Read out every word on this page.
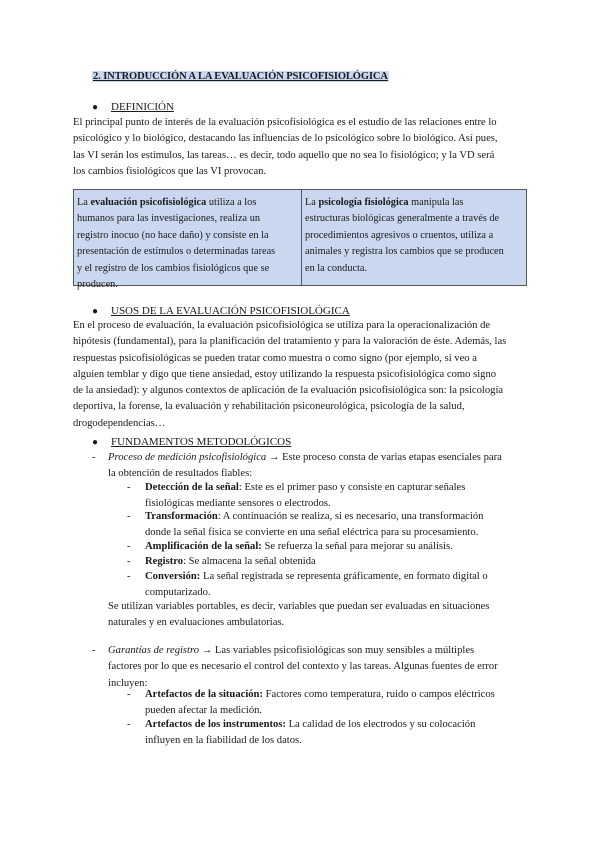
2. INTRODUCCIÓN A LA EVALUACIÓN PSICOFISIOLÓGICA
●	DEFINICIÓN
El principal punto de interés de la evaluación psicofisiológica es el estudio de las relaciones entre lo
psicológico y lo biológico, destacando las influencias de lo psicológico sobre lo biológico. Así pues,
las VI serán los estímulos, las tareas… es decir, todo aquello que no sea lo fisiológico; y la VD será
los cambios fisiológicos que las VI provocan.
La evaluación psicofisiológica utiliza a los
humanos para las investigaciones, realiza un
registro inocuo (no hace daño) y consiste en la
presentación de estímulos o determinadas tareas
y el registro de los cambios fisiológicos que se
producen.
La psicología fisiológica manipula las
estructuras biológicas generalmente a través de
procedimientos agresivos o cruentos, utiliza a
animales y registra los cambios que se producen
en la conducta.
●	USOS DE LA EVALUACIÓN PSICOFISIOLÓGICA
En el proceso de evaluación, la evaluación psicofisiológica se utiliza para la operacionalización de
hipótesis (fundamental), para la planificación del tratamiento y para la valoración de éste. Además, las
respuestas psicofisiológicas se pueden tratar como muestra o como signo (por ejemplo, si veo a
alguien temblar y digo que tiene ansiedad, estoy utilizando la respuesta psicofisiológica como signo
de la ansiedad): y algunos contextos de aplicación de la evaluación psicofisiológica son: la psicología
deportiva, la forense, la evaluación y rehabilitación psiconeurológica, psicología de la salud,
drogodependencias…
●	FUNDAMENTOS METODOLÓGICOS
- Proceso de medición psicofisiológica → Este proceso consta de varias etapas esenciales para
la obtención de resultados fiables:
- Detección de la señal: Este es el primer paso y consiste en capturar señales
fisiológicas mediante sensores o electrodos.
- Transformación: A continuación se realiza, si es necesario, una transformación
donde la señal física se convierte en una señal eléctrica para su procesamiento.
- Amplificación de la señal: Se refuerza la señal para mejorar su análisis.
- Registro: Se almacena la señal obtenida
- Conversión: La señal registrada se representa gráficamente, en formato digital o
computarizado.
Se utilizan variables portables, es decir, variables que puedan ser evaluadas en situaciones
naturales y en evaluaciones ambulatorias.
- Garantías de registro → Las variables psicofisiológicas son muy sensibles a múltiples
factores por lo que es necesario el control del contexto y las tareas. Algunas fuentes de error
incluyen:
- Artefactos de la situación: Factores como temperatura, ruido o campos eléctricos
pueden afectar la medición.
- Artefactos de los instrumentos: La calidad de los electrodos y su colocación
influyen en la fiabilidad de los datos.
